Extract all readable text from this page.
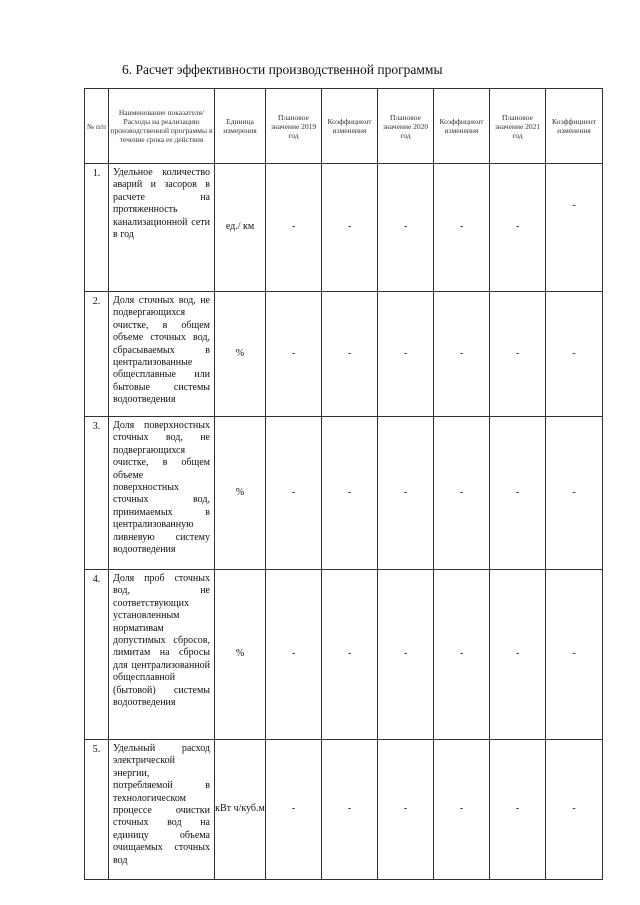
6. Расчет эффективности производственной программы
№ п/п	Наименование показателя/Расходы на реализацию производственной программы в течение срока ее действия	Единица измерения	Плановое значение 2019 год	Коэффициент изменения	Плановое значение 2020 год	Коэффициент изменения	Плановое значение 2021 год	Коэффициент изменения
1.	Удельное количество аварий и засоров в расчете на протяженность канализационной сети в год	ед./ км	-	-	-	-	-	-
2.	Доля сточных вод, не подвергающихся очистке, в общем объеме сточных вод, сбрасываемых в централизованные общесплавные или бытовые системы водоотведения	%	-	-	-	-	-	-
3.	Доля поверхностных сточных вод, не подвергающихся очистке, в общем объеме поверхностных сточных вод, принимаемых в централизованную ливневую систему водоотведения	%	-	-	-	-	-	-
4.	Доля проб сточных вод, не соответствующих установленным нормативам допустимых сбросов, лимитам на сбросы для централизованной общесплавной (бытовой) системы водоотведения	%	-	-	-	-	-	-
5.	Удельный расход электрической энергии, потребляемой в технологическом процессе очистки сточных вод на единицу объема очищаемых сточных вод	кВт ч/куб.м	-	-	-	-	-	-
